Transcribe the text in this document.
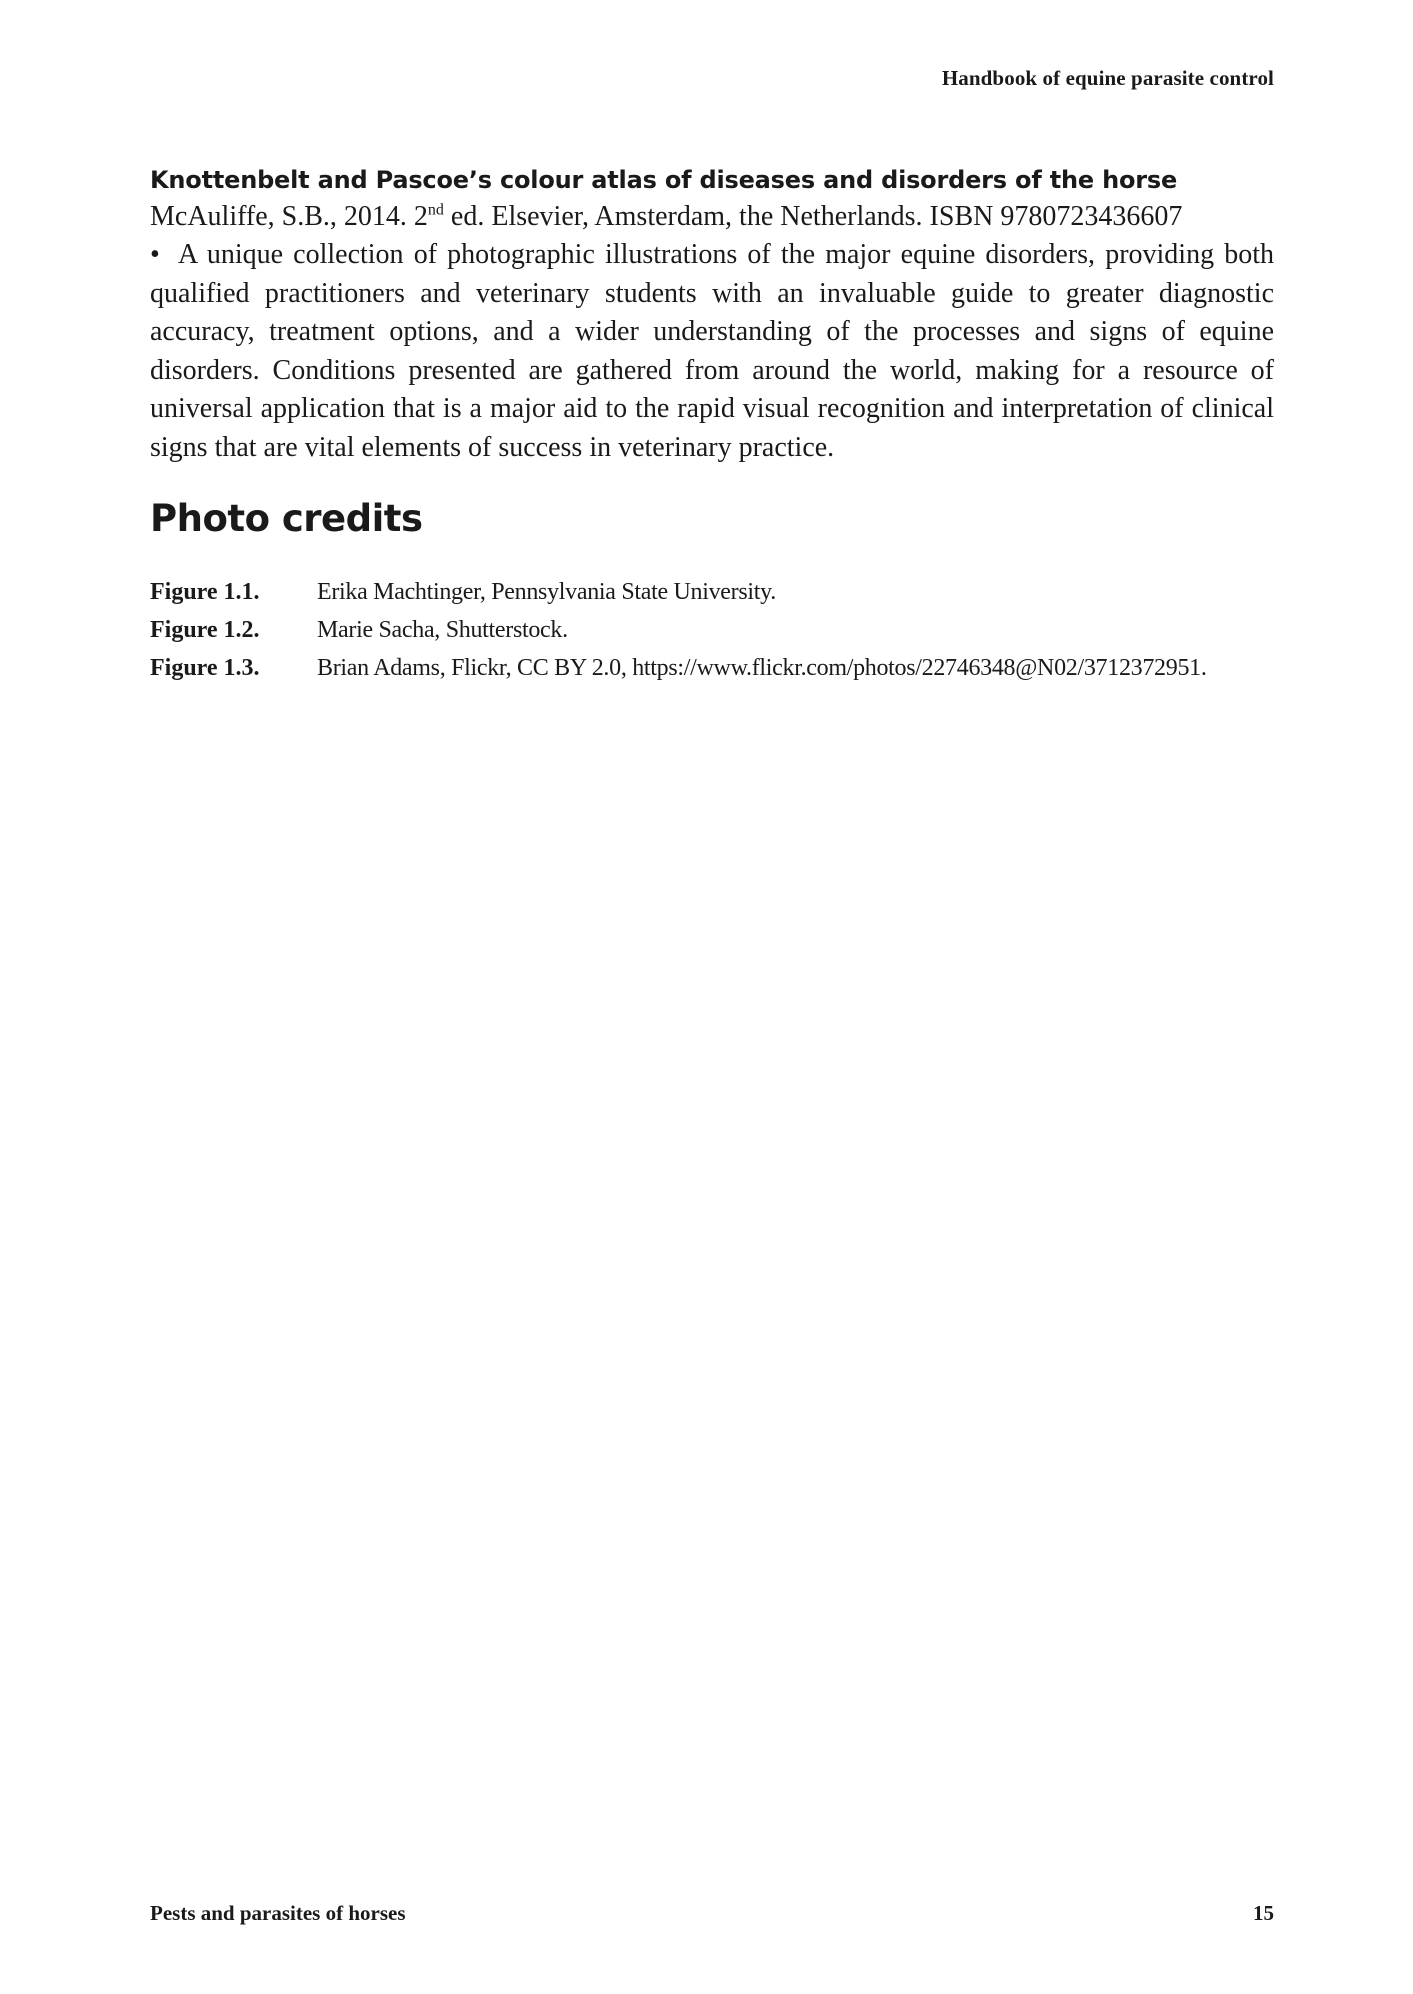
Handbook of equine parasite control

Knottenbelt and Pascoe’s colour atlas of diseases and disorders of the horse

McAuliffe, S.B., 2014. 2nd ed. Elsevier, Amsterdam, the Netherlands. ISBN 9780723436607

• A unique collection of photographic illustrations of the major equine disorders, providing both qualified practitioners and veterinary students with an invaluable guide to greater diagnostic accuracy, treatment options, and a wider understanding of the processes and signs of equine disorders. Conditions presented are gathered from around the world, making for a resource of universal application that is a major aid to the rapid visual recognition and interpretation of clinical signs that are vital elements of success in veterinary practice.

Photo credits
Figure 1.1.	Erika Machtinger, Pennsylvania State University.
Figure 1.2.	Marie Sacha, Shutterstock.
Figure 1.3.	Brian Adams, Flickr, CC BY 2.0, https://www.flickr.com/photos/22746348@N02/3712372951.
Pests and parasites of horses	15
